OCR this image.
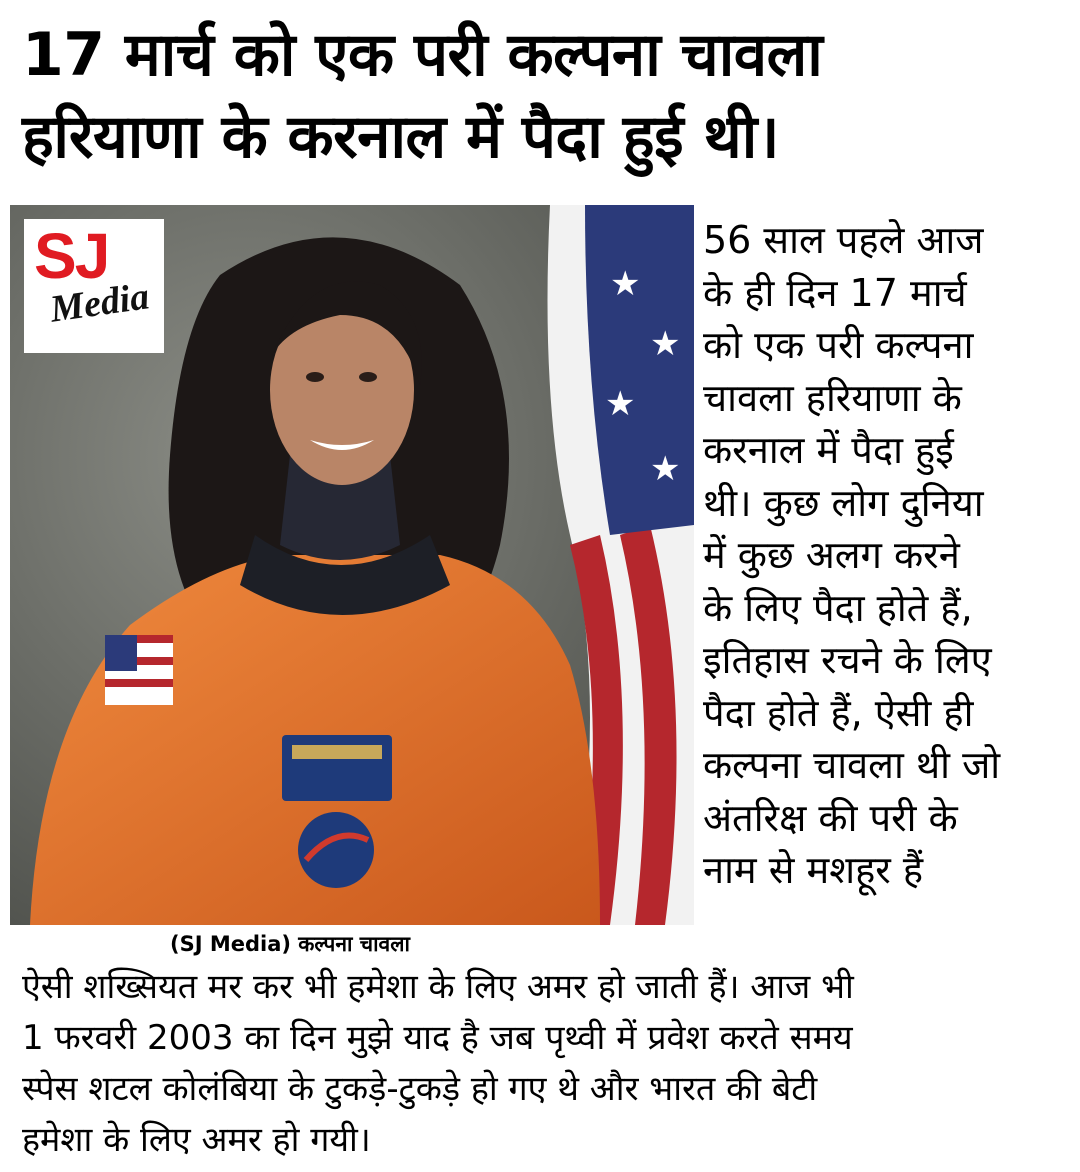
17 मार्च को एक परी कल्पना चावला
हरियाणा के करनाल में पैदा हुई थी।
★
★
★
★
SJ
Media
56 साल पहले आज
के ही दिन 17 मार्च
को एक परी कल्पना
चावला हरियाणा के
करनाल में पैदा हुई
थी। कुछ लोग दुनिया
में कुछ अलग करने
के लिए पैदा होते हैं,
इतिहास रचने के लिए
पैदा होते हैं, ऐसी ही
कल्पना चावला थी जो
अंतरिक्ष की परी के
नाम से मशहूर हैं
(SJ Media) कल्पना चावला
ऐसी शख्सियत मर कर भी हमेशा के लिए अमर हो जाती हैं। आज भी
1 फरवरी 2003 का दिन मुझे याद है जब पृथ्वी में प्रवेश करते समय
स्पेस शटल कोलंबिया के टुकड़े-टुकड़े हो गए थे और भारत की बेटी
हमेशा के लिए अमर हो गयी।
